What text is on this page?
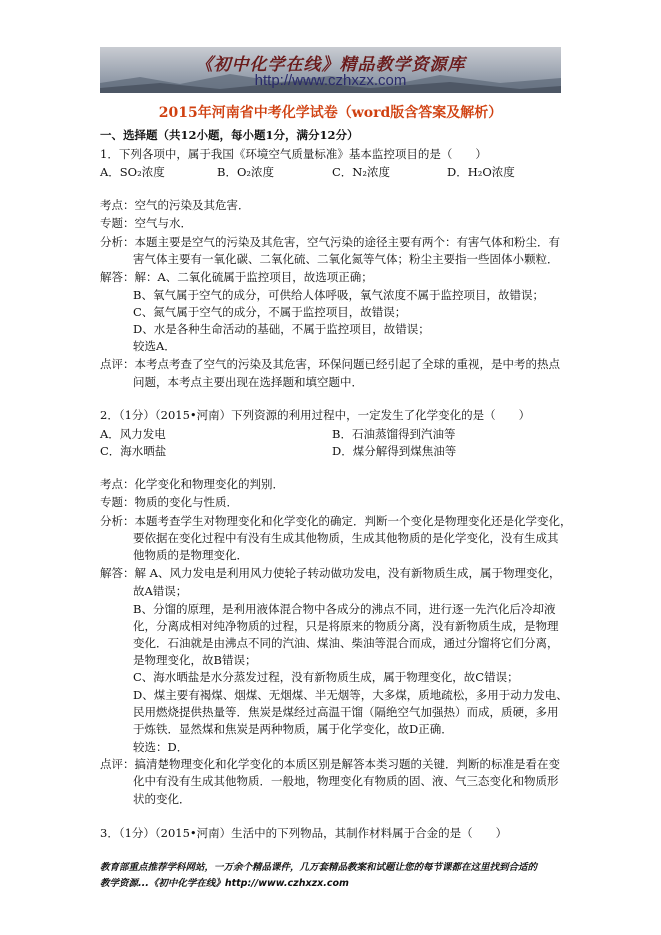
《初中化学在线》精品教学资源库
http://www.czhxzx.com
2015年河南省中考化学试卷（word版含答案及解析）
一、选择题（共12小题，每小题1分，满分12分）
1．下列各项中，属于我国《环境空气质量标准》基本监控项目的是（　　）
A．SO₂浓度	B．O₂浓度	C．N₂浓度	D．H₂O浓度
考点：空气的污染及其危害．
专题：空气与水．
分析：本题主要是空气的污染及其危害，空气污染的途径主要有两个：有害气体和粉尘．有
害气体主要有一氧化碳、二氧化硫、二氧化氮等气体；粉尘主要指一些固体小颗粒．
解答：解：A、二氧化硫属于监控项目，故选项正确；
B、氧气属于空气的成分，可供给人体呼吸，氧气浓度不属于监控项目，故错误；
C、氮气属于空气的成分，不属于监控项目，故错误；
D、水是各种生命活动的基础，不属于监控项目，故错误；
较选A．
点评：本考点考查了空气的污染及其危害，环保问题已经引起了全球的重视，是中考的热点
问题，本考点主要出现在选择题和填空题中．
2．（1分）（2015•河南）下列资源的利用过程中，一定发生了化学变化的是（　　）
A．风力发电	B．石油蒸馏得到汽油等
C．海水晒盐	D．煤分解得到煤焦油等
考点：化学变化和物理变化的判别．
专题：物质的变化与性质．
分析：本题考查学生对物理变化和化学变化的确定．判断一个变化是物理变化还是化学变化，
要依据在变化过程中有没有生成其他物质，生成其他物质的是化学变化，没有生成其
他物质的是物理变化．
解答：解 A、风力发电是利用风力使轮子转动做功发电，没有新物质生成，属于物理变化，
故A错误；
B、分馏的原理，是利用液体混合物中各成分的沸点不同，进行逐一先汽化后冷却液
化，分离成相对纯净物质的过程，只是将原来的物质分离，没有新物质生成，是物理
变化．石油就是由沸点不同的汽油、煤油、柴油等混合而成，通过分馏将它们分离，
是物理变化，故B错误；
C、海水晒盐是水分蒸发过程，没有新物质生成，属于物理变化，故C错误；
D、煤主要有褐煤、烟煤、无烟煤、半无烟等，大多煤，质地疏松，多用于动力发电、
民用燃烧提供热量等．焦炭是煤经过高温干馏（隔绝空气加强热）而成，质硬，多用
于炼铁．显然煤和焦炭是两种物质，属于化学变化，故D正确．
较选：D．
点评：搞清楚物理变化和化学变化的本质区别是解答本类习题的关键．判断的标准是看在变
化中有没有生成其他物质．一般地，物理变化有物质的固、液、气三态变化和物质形
状的变化．
3．（1分）（2015•河南）生活中的下列物品，其制作材料属于合金的是（　　）
教育部重点推荐学科网站，一万余个精品课件，几万套精品教案和试题让您的每节课都在这里找到合适的
教学资源...《初中化学在线》http://www.czhxzx.com
